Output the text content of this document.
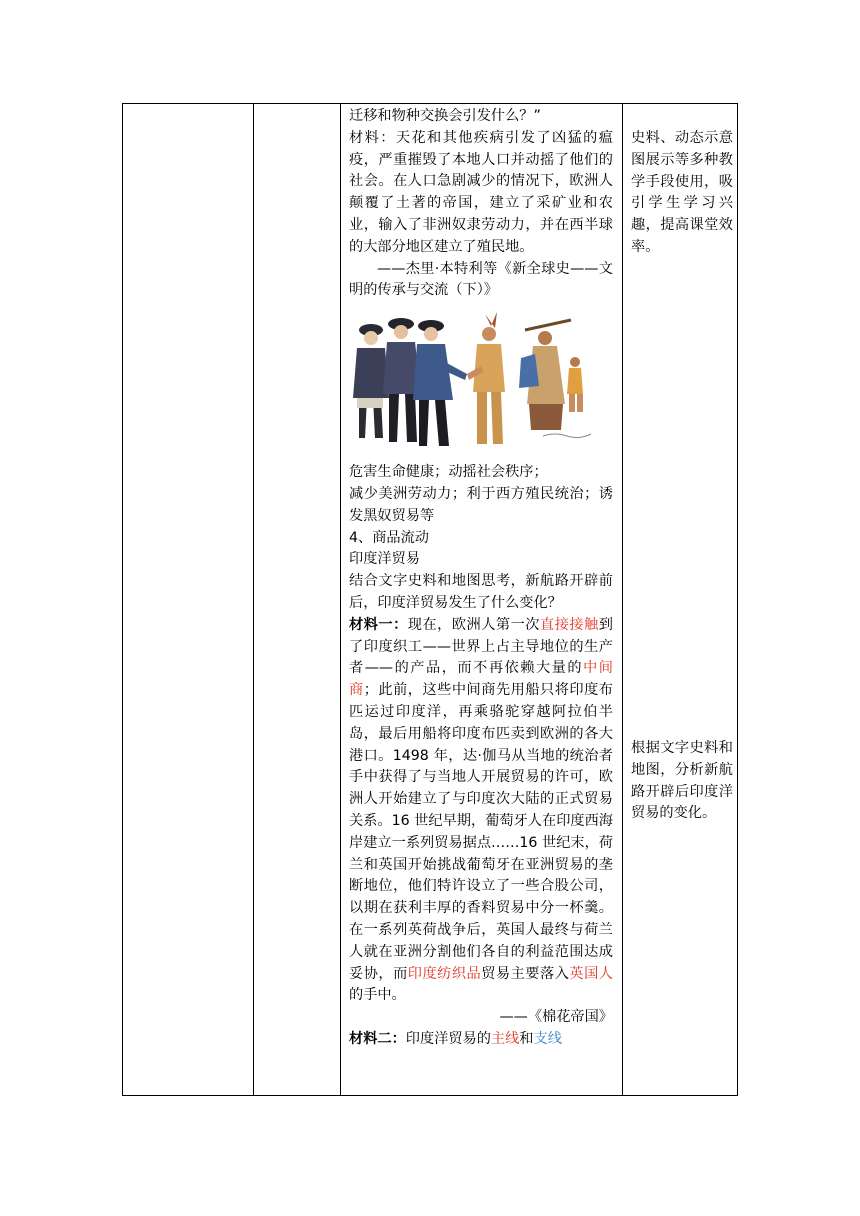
迁移和物种交换会引发什么？”

材料：天花和其他疾病引发了凶猛的瘟疫，严重摧毁了本地人口并动摇了他们的社会。在人口急剧减少的情况下，欧洲人颠覆了土著的帝国，建立了采矿业和农业，输入了非洲奴隶劳动力，并在西半球的大部分地区建立了殖民地。

——杰里·本特利等《新全球史——文明的传承与交流（下）》

危害生命健康；动摇社会秩序；

减少美洲劳动力；利于西方殖民统治；诱发黑奴贸易等

4、商品流动

印度洋贸易

结合文字史料和地图思考，新航路开辟前后，印度洋贸易发生了什么变化？

材料一：现在，欧洲人第一次直接接触到了印度织工——世界上占主导地位的生产者——的产品，而不再依赖大量的中间商；此前，这些中间商先用船只将印度布匹运过印度洋，再乘骆驼穿越阿拉伯半岛，最后用船将印度布匹卖到欧洲的各大港口。1498 年，达·伽马从当地的统治者手中获得了与当地人开展贸易的许可，欧洲人开始建立了与印度次大陆的正式贸易关系。16 世纪早期，葡萄牙人在印度西海岸建立一系列贸易据点……16 世纪末，荷兰和英国开始挑战葡萄牙在亚洲贸易的垄断地位，他们特许设立了一些合股公司，以期在获利丰厚的香料贸易中分一杯羹。在一系列英荷战争后，英国人最终与荷兰人就在亚洲分割他们各自的利益范围达成妥协，而印度纺织品贸易主要落入英国人的手中。

——《棉花帝国》

材料二：印度洋贸易的主线和支线

史料、动态示意图展示等多种教学手段使用，吸引学生学习兴趣，提高课堂效率。

根据文字史料和地图，分析新航路开辟后印度洋贸易的变化。
